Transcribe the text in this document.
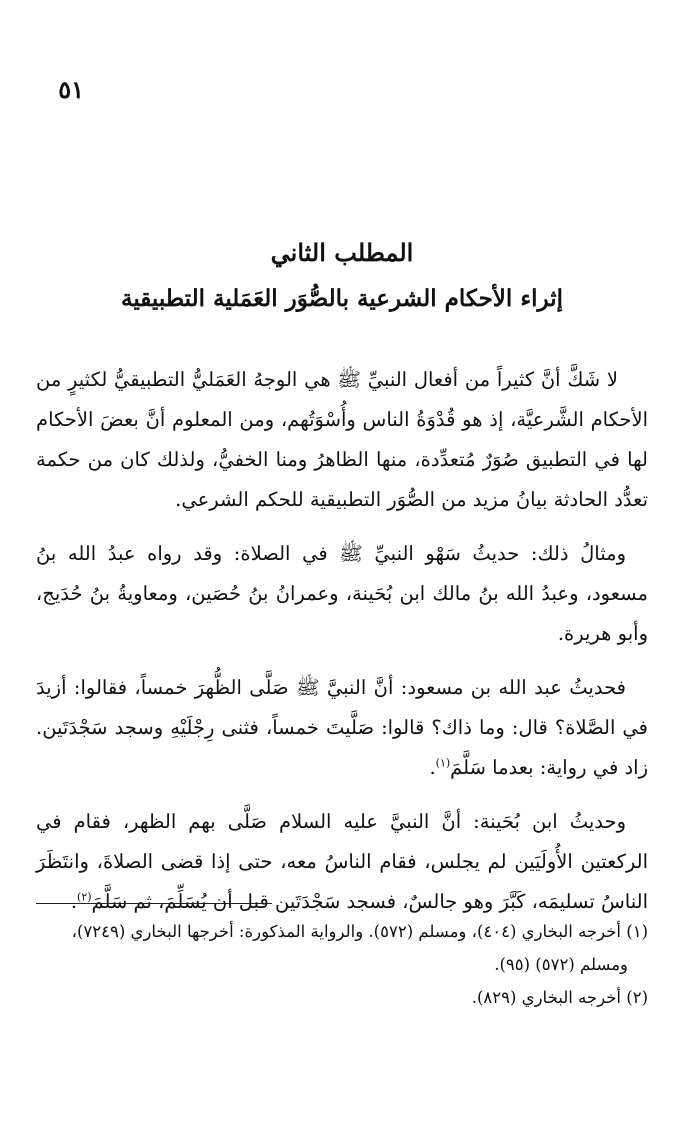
٥١
المطلب الثاني
إثراء الأحكام الشرعية بالصُّوَر العَمَلية التطبيقية

لا شَكَّ أنَّ كثيراً من أفعال النبيِّ ﷺ هي الوجهُ العَمَليُّ التطبيقيُّ لكثيرٍ من الأحكام الشَّرعيَّة، إذ هو قُدْوَةُ الناس وأُسْوَتُهم، ومن المعلوم أنَّ بعضَ الأحكام لها في التطبيق صُوَرٌ مُتعدِّدة، منها الظاهرُ ومنا الخفيُّ، ولذلك كان من حكمة تعدُّد الحادثة بيانُ مزيد من الصُّوَر التطبيقية للحكم الشرعي.

ومثالُ ذلك: حديثُ سَهْو النبيِّ ﷺ في الصلاة: وقد رواه عبدُ الله بنُ مسعود، وعبدُ الله بنُ مالك ابن بُحَينة، وعمرانُ بنُ حُصَين، ومعاويةُ بنُ حُدَيج، وأبو هريرة.

فحديثُ عبد الله بن مسعود: أنَّ النبيَّ ﷺ صَلَّى الظُّهرَ خمساً، فقالوا: أزيدَ في الصَّلاة؟ قال: وما ذاك؟ قالوا: صَلَّيتَ خمساً، فثنى رِجْلَيْهِ وسجد سَجْدَتَين. زاد في رواية: بعدما سَلَّمَ$^{(١)}$.

وحديثُ ابن بُحَينة: أنَّ النبيَّ عليه السلام صَلَّى بهم الظهر، فقام في الركعتين الأُولَيَين لم يجلس، فقام الناسُ معه، حتى إذا قضى الصلاةَ، وانتَظَرَ الناسُ تسليمَه، كَبَّرَ وهو جالسٌ، فسجد سَجْدَتَين قبل أن يُسَلِّمَ، ثم سَلَّمَ$^{(٢)}$.

(١) أخرجه البخاري (٤٠٤)، ومسلم (٥٧٢). والرواية المذكورة: أخرجها البخاري (٧٢٤٩)،
ومسلم (٥٧٢) (٩٥).

(٢) أخرجه البخاري (٨٢٩).
